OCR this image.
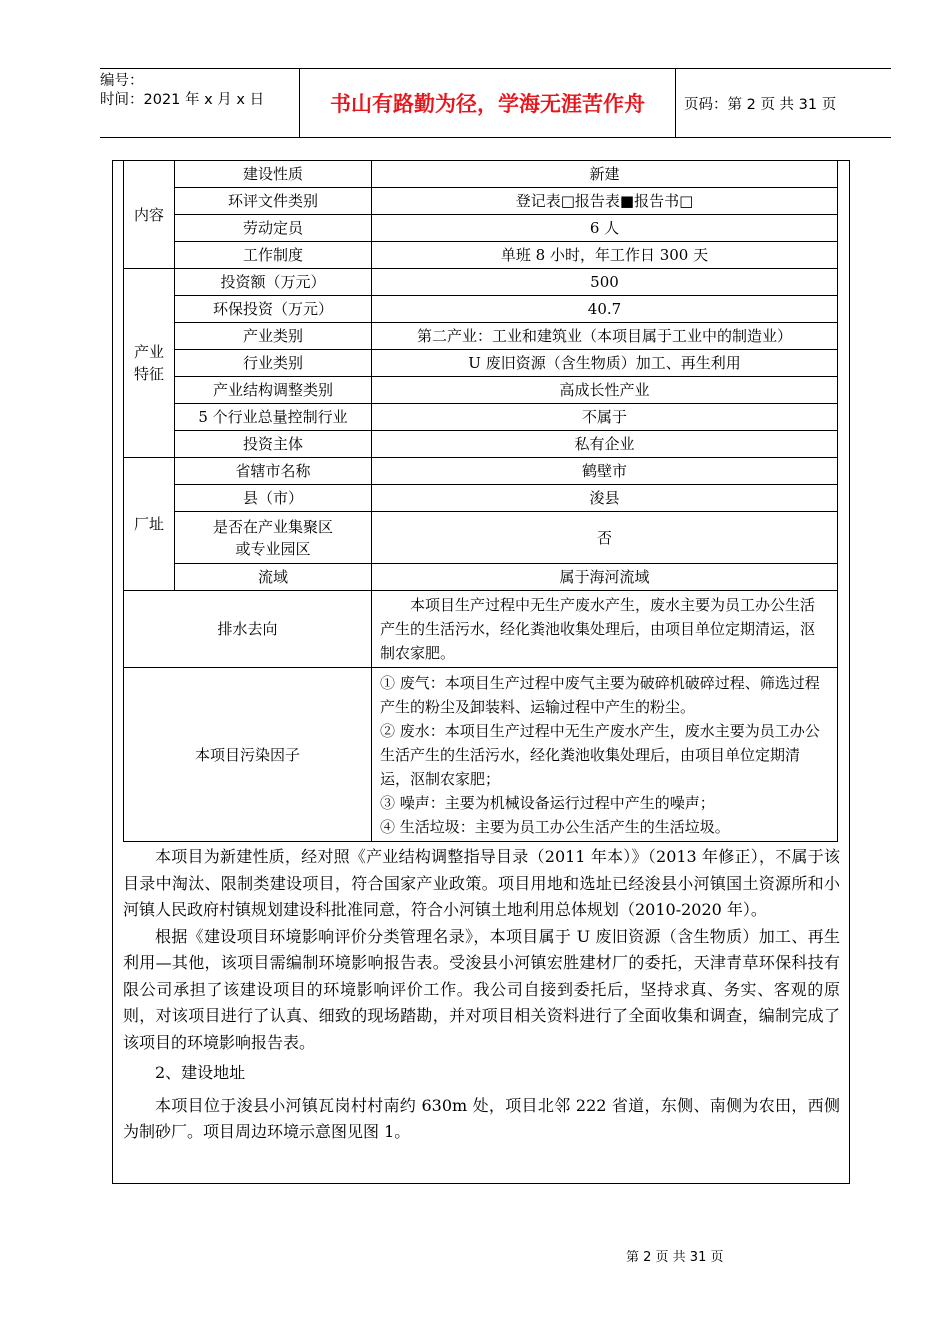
编号：
时间：2021 年 x 月 x 日	书山有路勤为径，学海无涯苦作舟	页码：第 2 页 共 31 页
内容	建设性质	新建
	环评文件类别	登记表□报告表■报告书□
	劳动定员	6 人
	工作制度	单班 8 小时，年工作日 300 天

产业
特征	投资额（万元）	500
	环保投资（万元）	40.7
	产业类别	第二产业：工业和建筑业（本项目属于工业中的制造业）
	行业类别	U 废旧资源（含生物质）加工、再生利用
	产业结构调整类别	高成长性产业
	5 个行业总量控制行业	不属于
	投资主体	私有企业
厂址	省辖市名称	鹤壁市
	县（市）	浚县

	是否在产业集聚区
或专业园区	否
	流域	属于海河流域
排水去向		本项目生产过程中无生产废水产生，废水主要为员工办公生活产生的生活污水，经化粪池收集处理后，由项目单位定期清运，沤制农家肥。
本项目污染因子		① 废气：本项目生产过程中废气主要为破碎机破碎过程、筛选过程产生的粉尘及卸装料、运输过程中产生的粉尘。
② 废水：本项目生产过程中无生产废水产生，废水主要为员工办公生活产生的生活污水，经化粪池收集处理后，由项目单位定期清运，沤制农家肥；
③ 噪声：主要为机械设备运行过程中产生的噪声；
④ 生活垃圾：主要为员工办公生活产生的生活垃圾。

本项目为新建性质，经对照《产业结构调整指导目录（2011 年本）》（2013 年修正），不属于该目录中淘汰、限制类建设项目，符合国家产业政策。项目用地和选址已经浚县小河镇国土资源所和小河镇人民政府村镇规划建设科批准同意，符合小河镇土地利用总体规划（2010-2020 年）。

根据《建设项目环境影响评价分类管理名录》，本项目属于 U 废旧资源（含生物质）加工、再生利用—其他，该项目需编制环境影响报告表。受浚县小河镇宏胜建材厂的委托，天津青草环保科技有限公司承担了该建设项目的环境影响评价工作。我公司自接到委托后，坚持求真、务实、客观的原则，对该项目进行了认真、细致的现场踏勘，并对项目相关资料进行了全面收集和调查，编制完成了该项目的环境影响报告表。

2、建设地址

本项目位于浚县小河镇瓦岗村村南约 630m 处，项目北邻 222 省道，东侧、南侧为农田，西侧为制砂厂。项目周边环境示意图见图 1。

第 2 页 共 31 页
